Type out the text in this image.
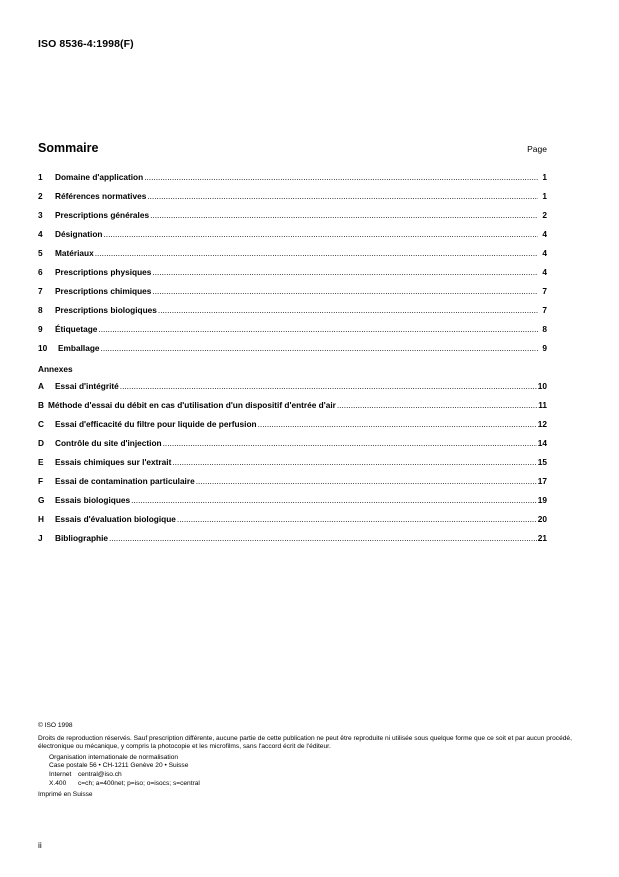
ISO 8536-4:1998(F)
Sommaire	Page
1	Domaine d'application .....	1
2	Références normatives .....	1
3	Prescriptions générales .....	2
4	Désignation .....	4
5	Matériaux .....	4
6	Prescriptions physiques .....	4
7	Prescriptions chimiques .....	7
8	Prescriptions biologiques .....	7
9	Étiquetage .....	8
10	Emballage .....	9
Annexes
A	Essai d'intégrité .....	10
B Méthode d'essai du débit en cas d'utilisation d'un dispositif d'entrée d'air .....	11
C	Essai d'efficacité du filtre pour liquide de perfusion .....	12
D	Contrôle du site d'injection .....	14
E	Essais chimiques sur l'extrait .....	15
F	Essai de contamination particulaire .....	17
G	Essais biologiques .....	19
H	Essais d'évaluation biologique .....	20
J	Bibliographie .....	21
© ISO 1998
Droits de reproduction réservés. Sauf prescription différente, aucune partie de cette publication ne peut être reproduite ni utilisée sous quelque forme que ce soit et par aucun procédé, électronique ou mécanique, y compris la photocopie et les microfilms, sans l'accord écrit de l'éditeur.
Organisation internationale de normalisation
Case postale 56 • CH-1211 Genève 20 • Suisse
Internet	central@iso.ch
X.400	c=ch; a=400net; p=iso; o=isocs; s=central
Imprimé en Suisse
ii
